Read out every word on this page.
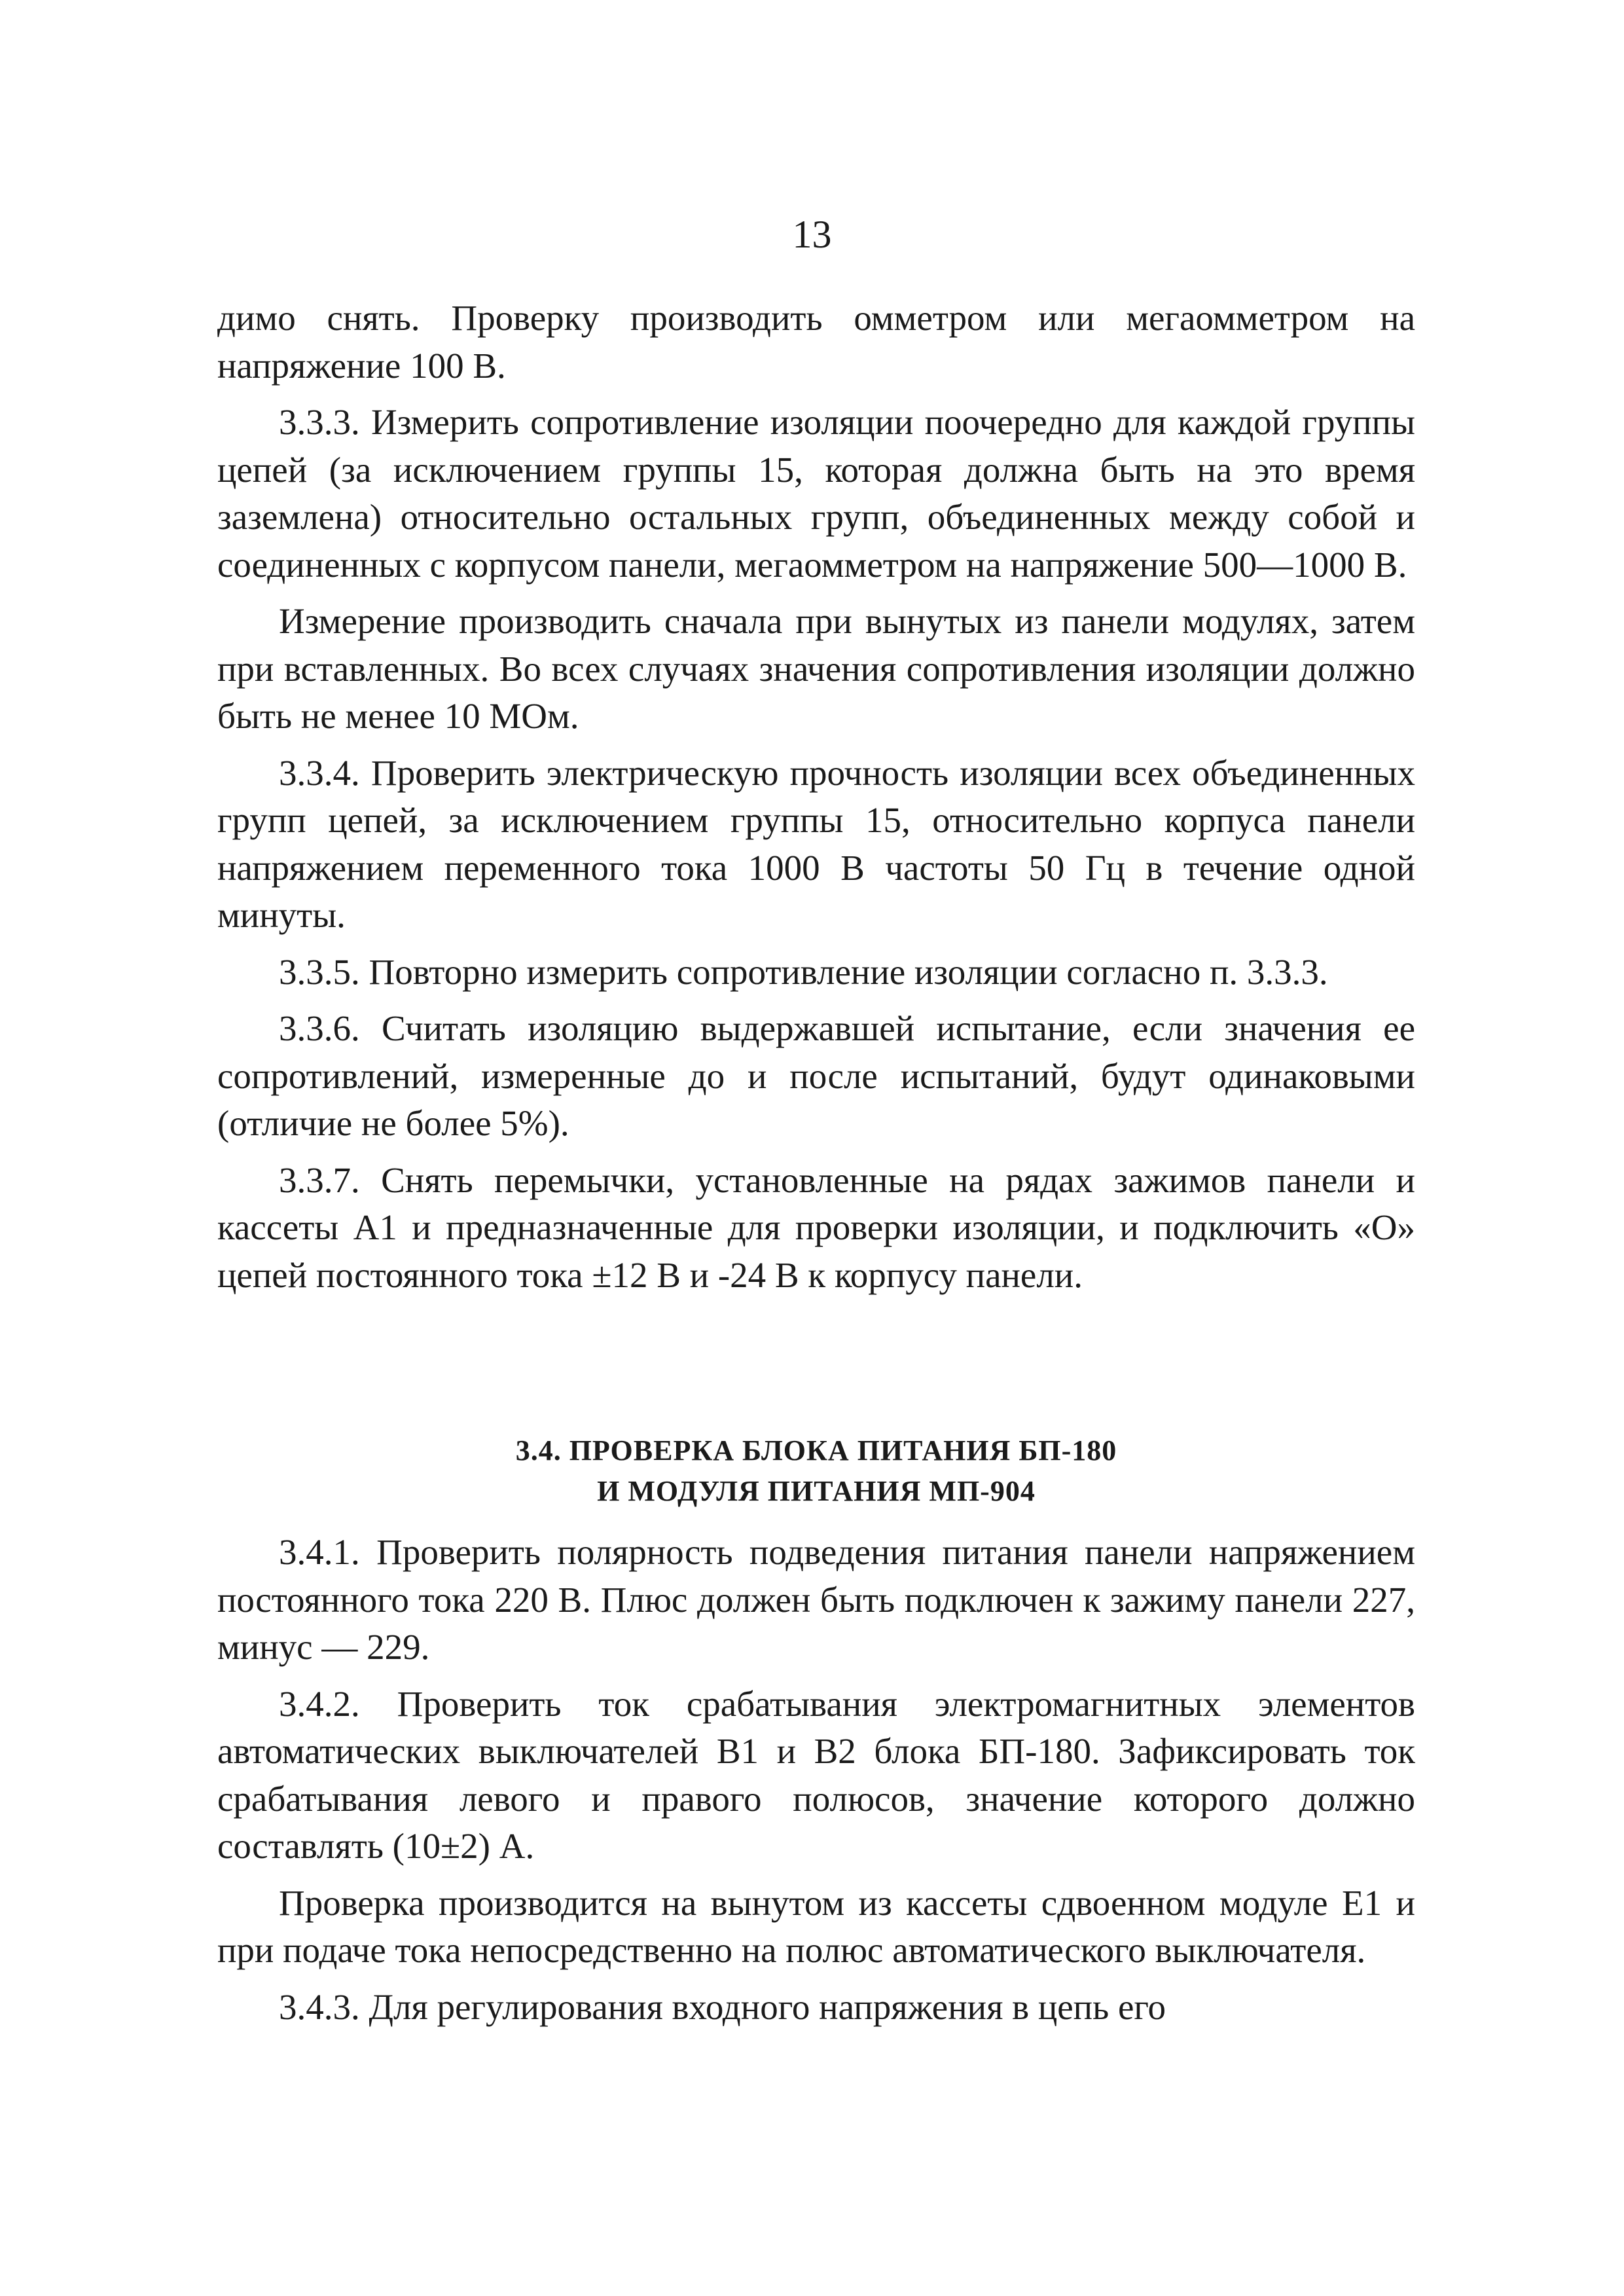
13

димо снять. Проверку производить омметром или мегаомметром на напряжение 100 В.

3.3.3. Измерить сопротивление изоляции поочередно для каждой группы цепей (за исключением группы 15, которая должна быть на это время заземлена) относительно остальных групп, объединенных между собой и соединенных с корпусом панели, мегаомметром на напряжение 500—1000 В.

Измерение производить сначала при вынутых из панели модулях, затем при вставленных. Во всех случаях значения сопротивления изоляции должно быть не менее 10 МОм.

3.3.4. Проверить электрическую прочность изоляции всех объединенных групп цепей, за исключением группы 15, относительно корпуса панели напряжением переменного тока 1000 В частоты 50 Гц в течение одной минуты.

3.3.5. Повторно измерить сопротивление изоляции согласно п. 3.3.3.

3.3.6. Считать изоляцию выдержавшей испытание, если значения ее сопротивлений, измеренные до и после испытаний, будут одинаковыми (отличие не более 5%).

3.3.7. Снять перемычки, установленные на рядах зажимов панели и кассеты А1 и предназначенные для проверки изоляции, и подключить «О» цепей постоянного тока ±12 В и -24 В к корпусу панели.

3.4. ПРОВЕРКА БЛОКА ПИТАНИЯ БП-180
И МОДУЛЯ ПИТАНИЯ МП-904

3.4.1. Проверить полярность подведения питания панели напряжением постоянного тока 220 В. Плюс должен быть подключен к зажиму панели 227, минус — 229.

3.4.2. Проверить ток срабатывания электромагнитных элементов автоматических выключателей В1 и В2 блока БП-180. Зафиксировать ток срабатывания левого и правого полюсов, значение которого должно составлять (10±2) А.

Проверка производится на вынутом из кассеты сдвоенном модуле Е1 и при подаче тока непосредственно на полюс автоматического выключателя.

3.4.3. Для регулирования входного напряжения в цепь его
